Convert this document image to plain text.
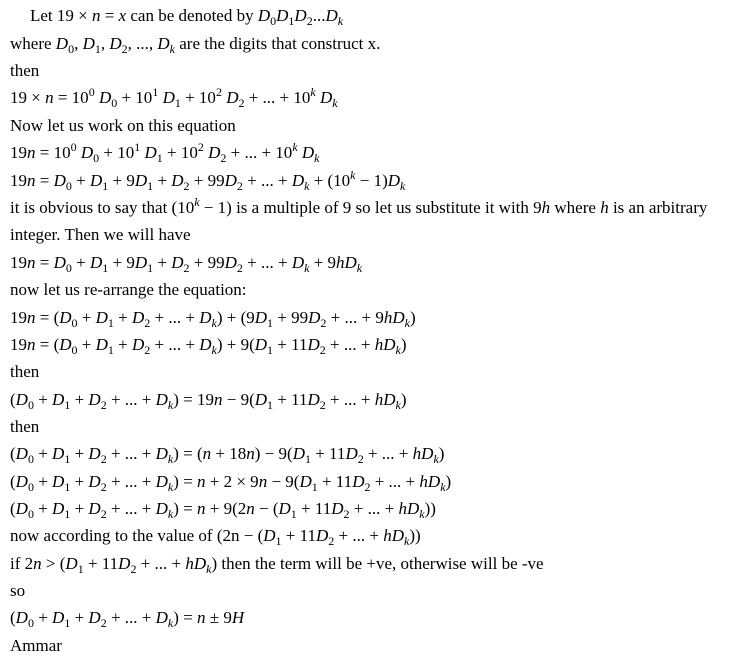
Let 19 × n = x can be denoted by $D_0D_1D_2...D_k$
where $D_0$, $D_1$, $D_2$, ..., $D_k$ are the digits that construct x.
then
$19 \times n = 10^0$ $D_0 + 10^1$ $D_1 + 10^2$ $D_2$ + ... + $10^k$ $D_k$
Now let us work on this equation
$19n = 10^0$ $D_0 + 10^1$ $D_1 + 10^2$ $D_2$ + ... + $10^k$ $D_k$
$19n = D_0 + D_1 + 9D_1 + D_2 + 99D_2$ + ... + $D_k + (10^k - 1)D_k$
it is obvious to say that $(10^k - 1)$ is a multiple of 9 so let us substitute it with 9h where h is an arbitrary
integer. Then we will have
$19n = D_0 + D_1 + 9D_1 + D_2 + 99D_2$ + ... + $D_k + 9hD_k$
now let us re-arrange the equation:
$19n = (D_0 + D_1 + D_2$ + ... + $D_k) + (9D_1 + 99D_2$ + ... + $9hD_k$)
$19n = (D_0 + D_1 + D_2$ + ... + $D_k) + 9(D_1 + 11D_2$ + ... + $hD_k$)
then
($D_0 + D_1 + D_2$ + ... + $D_k) = 19n - 9(D_1 + 11D_2$ + ... + $hD_k$)
then
($D_0 + D_1 + D_2$ + ... + $D_k) = (n + 18n) - 9(D_1 + 11D_2$ + ... + $hD_k$)
($D_0 + D_1 + D_2$ + ... + $D_k) = n + 2 \times 9n - 9(D_1 + 11D_2$ + ... + $hD_k$)
($D_0 + D_1 + D_2$ + ... + $D_k) = n + 9(2n - (D_1 + 11D_2$ + ... + $hD_k$))
now according to the value of ($2n - (D_1 + 11D_2$ + ... + $hD_k$))
if $2n > (D_1 + 11D_2$ + ... + $hD_k$) then the term will be +ve, otherwise will be -ve
so
($D_0 + D_1 + D_2$ + ... + $D_k) = n \pm 9H$
Ammar
